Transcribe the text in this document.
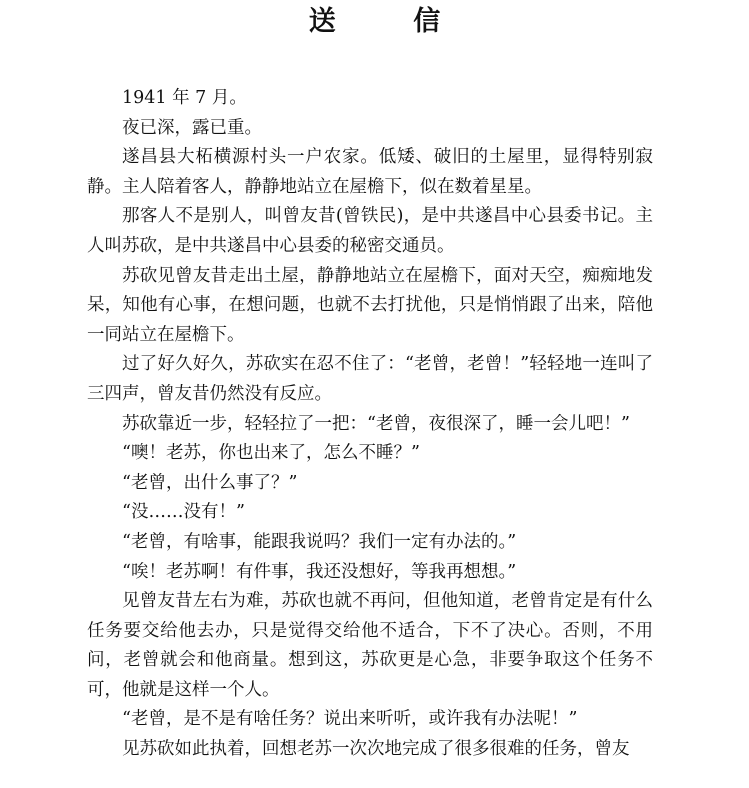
送 信

1941 年 7 月。

夜已深，露已重。

遂昌县大柘横源村头一户农家。低矮、破旧的土屋里，显得特别寂静。主人陪着客人，静静地站立在屋檐下，似在数着星星。

那客人不是别人，叫曾友昔(曾铁民)，是中共遂昌中心县委书记。主人叫苏砍，是中共遂昌中心县委的秘密交通员。

苏砍见曾友昔走出土屋，静静地站立在屋檐下，面对天空，痴痴地发呆，知他有心事，在想问题，也就不去打扰他，只是悄悄跟了出来，陪他一同站立在屋檐下。

过了好久好久，苏砍实在忍不住了：“老曾，老曾！”轻轻地一连叫了三四声，曾友昔仍然没有反应。

苏砍靠近一步，轻轻拉了一把：“老曾，夜很深了，睡一会儿吧！”

“噢！老苏，你也出来了，怎么不睡？”

“老曾，出什么事了？”

“没……没有！”

“老曾，有啥事，能跟我说吗？我们一定有办法的。”

“唉！老苏啊！有件事，我还没想好，等我再想想。”

见曾友昔左右为难，苏砍也就不再问，但他知道，老曾肯定是有什么任务要交给他去办，只是觉得交给他不适合，下不了决心。否则，不用问，老曾就会和他商量。想到这，苏砍更是心急，非要争取这个任务不可，他就是这样一个人。

“老曾，是不是有啥任务？说出来听听，或许我有办法呢！”

见苏砍如此执着，回想老苏一次次地完成了很多很难的任务，曾友
